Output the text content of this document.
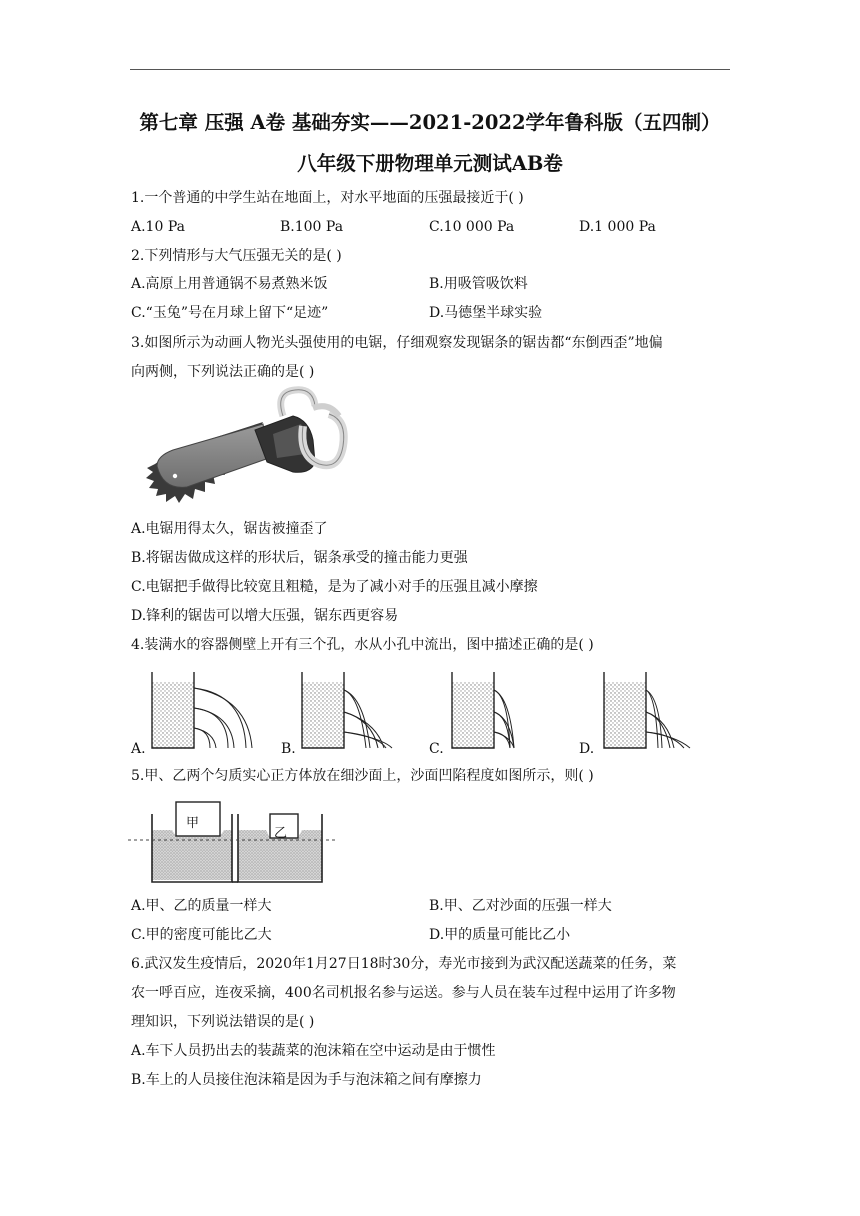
第七章 压强 A卷 基础夯实——2021-2022学年鲁科版（五四制）
八年级下册物理单元测试AB卷
1.一个普通的中学生站在地面上，对水平地面的压强最接近于( )
A.10 Pa	B.100 Pa	C.10 000 Pa	D.1 000 Pa
2.下列情形与大气压强无关的是( )
A.高原上用普通锅不易煮熟米饭	B.用吸管吸饮料
C.“玉兔”号在月球上留下“足迹”	D.马德堡半球实验
3.如图所示为动画人物光头强使用的电锯，仔细观察发现锯条的锯齿都“东倒西歪”地偏
向两侧，下列说法正确的是( )
A.电锯用得太久，锯齿被撞歪了
B.将锯齿做成这样的形状后，锯条承受的撞击能力更强
C.电锯把手做得比较宽且粗糙，是为了减小对手的压强且减小摩擦
D.锋利的锯齿可以增大压强，锯东西更容易
4.装满水的容器侧壁上开有三个孔，水从小孔中流出，图中描述正确的是( )
A.	B.	C.	D.
5.甲、乙两个匀质实心正方体放在细沙面上，沙面凹陷程度如图所示，则( )
甲
乙
A.甲、乙的质量一样大	B.甲、乙对沙面的压强一样大
C.甲的密度可能比乙大	D.甲的质量可能比乙小
6.武汉发生疫情后，2020年1月27日18时30分，寿光市接到为武汉配送蔬菜的任务，菜
农一呼百应，连夜采摘，400名司机报名参与运送。参与人员在装车过程中运用了许多物
理知识，下列说法错误的是( )
A.车下人员扔出去的装蔬菜的泡沫箱在空中运动是由于惯性
B.车上的人员接住泡沫箱是因为手与泡沫箱之间有摩擦力
